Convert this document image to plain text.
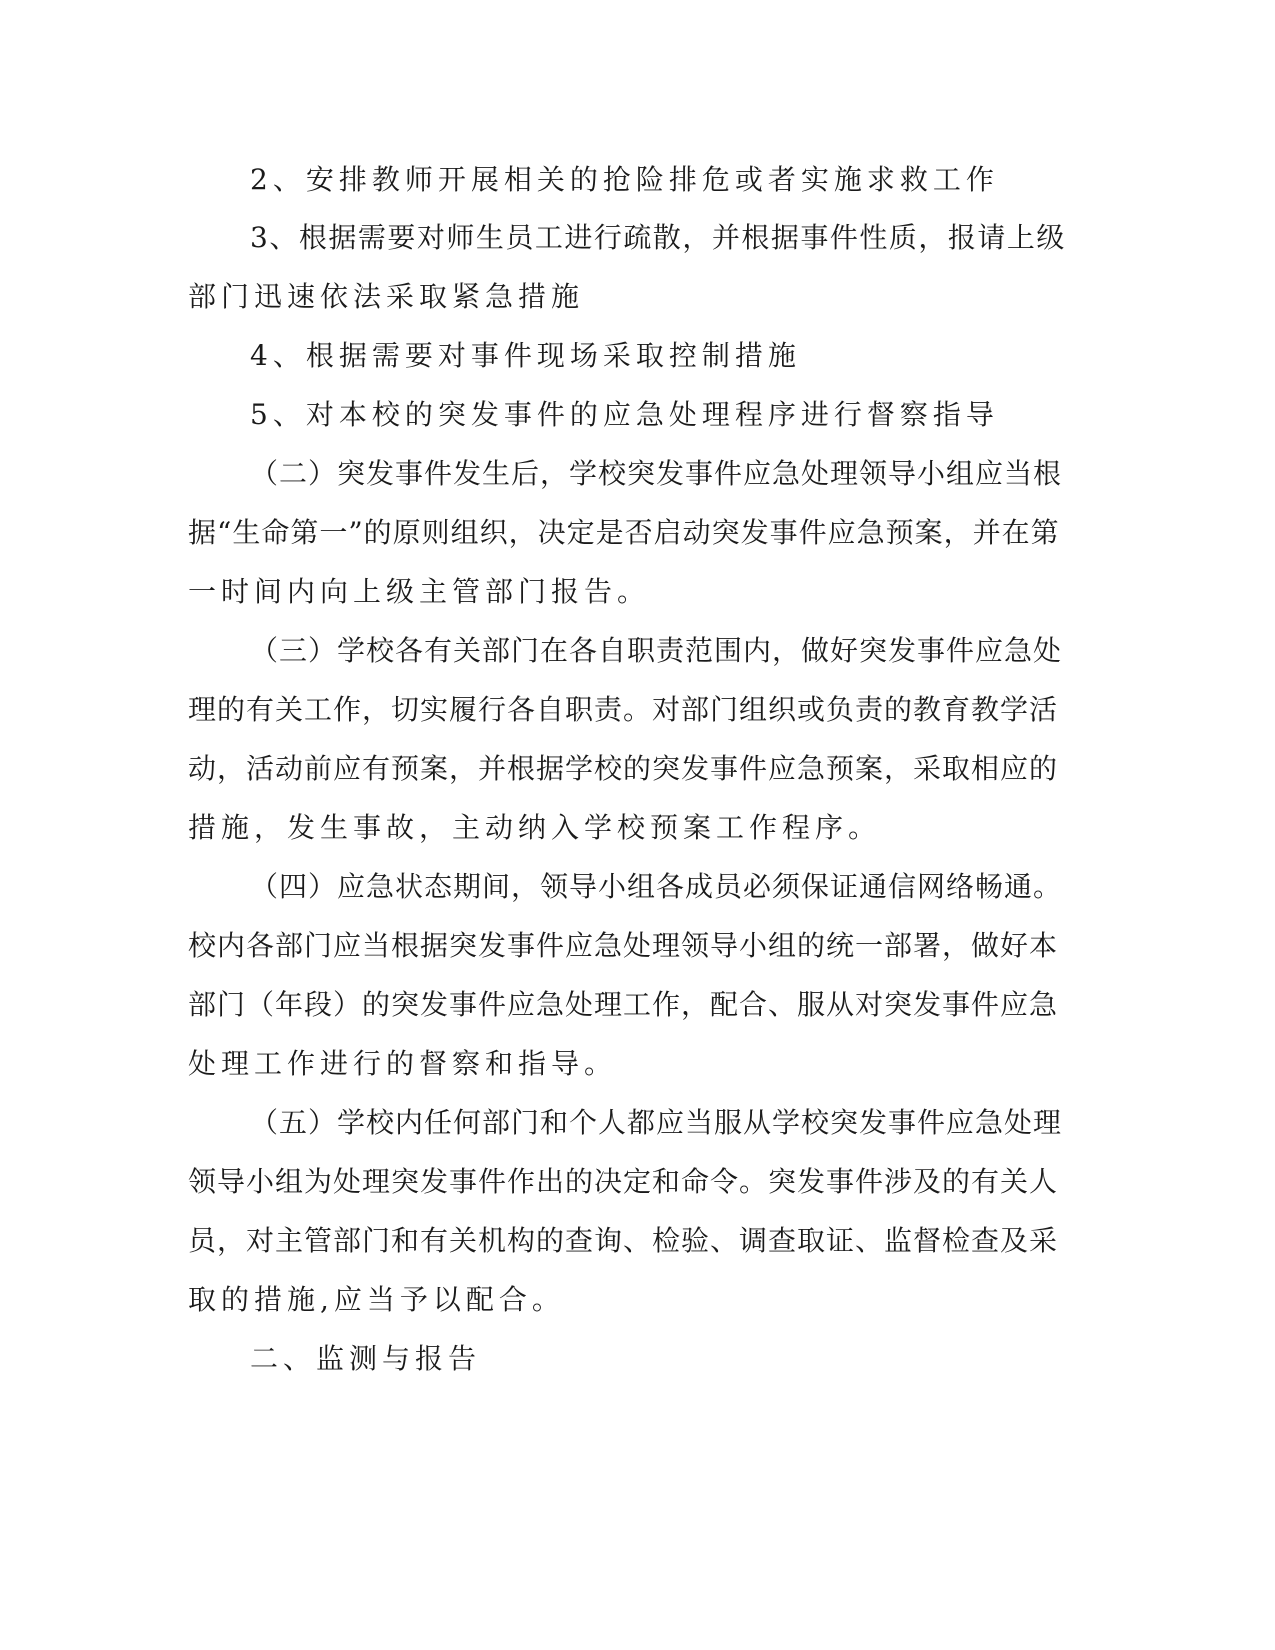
2、安排教师开展相关的抢险排危或者实施求救工作
3、根据需要对师生员工进行疏散，并根据事件性质，报请上级
部门迅速依法采取紧急措施
4、根据需要对事件现场采取控制措施
5、对本校的突发事件的应急处理程序进行督察指导
（二）突发事件发生后，学校突发事件应急处理领导小组应当根
据“生命第一”的原则组织，决定是否启动突发事件应急预案，并在第
一时间内向上级主管部门报告。
（三）学校各有关部门在各自职责范围内，做好突发事件应急处
理的有关工作，切实履行各自职责。对部门组织或负责的教育教学活
动，活动前应有预案，并根据学校的突发事件应急预案，采取相应的
措施，发生事故，主动纳入学校预案工作程序。
（四）应急状态期间，领导小组各成员必须保证通信网络畅通。
校内各部门应当根据突发事件应急处理领导小组的统一部署，做好本
部门（年段）的突发事件应急处理工作，配合、服从对突发事件应急
处理工作进行的督察和指导。
（五）学校内任何部门和个人都应当服从学校突发事件应急处理
领导小组为处理突发事件作出的决定和命令。突发事件涉及的有关人
员，对主管部门和有关机构的查询、检验、调查取证、监督检查及采
取的措施,应当予以配合。
二、监测与报告
